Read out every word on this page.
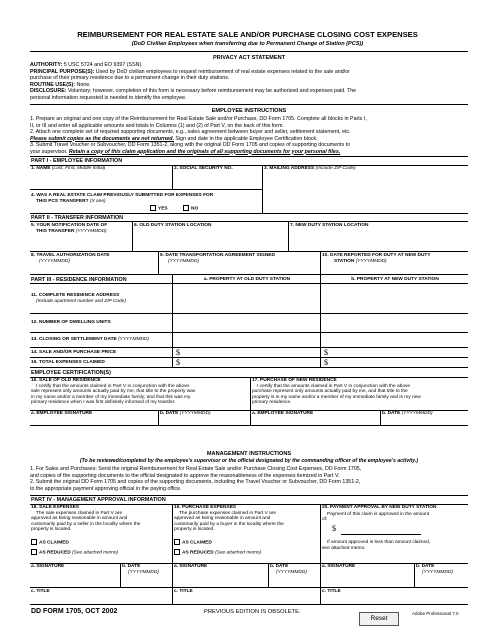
REIMBURSEMENT FOR REAL ESTATE SALE AND/OR PURCHASE CLOSING COST EXPENSES
(DoD Civilian Employees when transferring due to Permanent Change of Station (PCS))
PRIVACY ACT STATEMENT
AUTHORITY: 5 USC 5724 and EO 9397 (SSN).
PRINCIPAL PURPOSE(S): Used by DoD civilian employees to request reimbursement of real estate expenses related to the sale and/or
purchase of their primary residence due to a permanent change in their duty stations.
ROUTINE USE(S): None.
DISCLOSURE: Voluntary; however, completion of this form is necessary before reimbursement may be authorized and expenses paid. The
personal information requested is needed to identify the employee.
EMPLOYEE INSTRUCTIONS
1. Prepare an original and one copy of the Reimbursement for Real Estate Sale and/or Purchase, DD Form 1705. Complete all blocks in Parts I,
II, or III and enter all applicable amounts and totals in Columns (1) and (2) of Part V, on the back of this form.
2. Attach one complete set of required supporting documents, e.g., sales agreement between buyer and seller, settlement statement, etc.
Please submit copies as the documents are not returned. Sign and date in the applicable Employee Certification block.
3. Submit Travel Voucher or Subvoucher, DD Form 1351-2, along with the original DD Form 1705 and copies of supporting documents to
your supervisor. Retain a copy of this claim application and the originals of all supporting documents for your personal files.
PART I - EMPLOYEE INFORMATION
1. NAME (Last, First, Middle Initial)	2. SOCIAL SECURITY NO.	3. MAILING ADDRESS (Include ZIP Code)
4. WAS A REAL ESTATE CLAIM PREVIOUSLY SUBMITTED FOR EXPENSES FOR
THIS PCS TRANSFER? (X one)
YES	NO
PART II - TRANSFER INFORMATION
5. YOUR NOTIFICATION DATE OF
THIS TRANSFER (YYYYMMDD)
6. OLD DUTY STATION LOCATION	7. NEW DUTY STATION LOCATION
8. TRAVEL AUTHORIZATION DATE
(YYYYMMDD)
9. DATE TRANSPORTATION AGREEMENT SIGNED
(YYYYMMDD)
10. DATE REPORTED FOR DUTY AT NEW DUTY
STATION (YYYYMMDD)
PART III - RESIDENCE INFORMATION	a. PROPERTY AT OLD DUTY STATION	b. PROPERTY AT NEW DUTY STATION
11. COMPLETE RESIDENCE ADDRESS
(Include apartment number and ZIP Code)
12. NUMBER OF DWELLING UNITS
13. CLOSING OR SETTLEMENT DATE (YYYYMMDD)
14. SALE AND/OR PURCHASE PRICE	$	$
15. TOTAL EXPENSES CLAIMED	$	$
EMPLOYEE CERTIFICATION(S)
16. SALE OF OLD RESIDENCE
I certify that the amounts claimed in Part V in conjunction with the above
sale represent only amounts actually paid by me, that title to the property was
in my name and/or a member of my immediate family; and that this was my
primary residence when I was first definitely informed of my transfer.
17. PURCHASE OF NEW RESIDENCE
I certify that the amounts claimed in Part V in conjunction with the above
purchase represent only amounts actually paid by me, and that title to the
property is in my name and/or a member of my immediate family and is my new
primary residence.
a. EMPLOYEE SIGNATURE	b. DATE (YYYYMMDD)	a. EMPLOYEE SIGNATURE	b. DATE (YYYYMMDD)
MANAGEMENT INSTRUCTIONS
(To be reviewed/completed by the employee's supervisor or the official designated by the commanding officer of the employee's activity.)
1. For Sales and Purchases: Send the original Reimbursement for Real Estate Sale and/or Purchase Closing Cost Expenses, DD Form 1705,
and copies of the supporting documents to the official designated to approve the reasonableness of the expenses itemized in Part V.
2. Submit the original DD Form 1705 and copies of the supporting documents, including the Travel Voucher or Subvoucher, DD Form 1351-2,
to the appropriate payment approving official in the paying office.
PART IV - MANAGEMENT APPROVAL INFORMATION
18. SALE EXPENSES
The sale expenses claimed in Part V are
approved as being reasonable in amount and
customarily paid by a seller in the locality where the
property is located.
AS CLAIMED
AS REDUCED (See attached memo)
19. PURCHASE EXPENSES
The purchase expenses claimed in Part V are
approved as being reasonable in amount and
customarily paid by a buyer in the locality where the
property is located.
AS CLAIMED
AS REDUCED (See attached memo)
20. PAYMENT APPROVAL BY NEW DUTY STATION
Payment of this claim is approved in the amount
of:
$
If amount approved is less than amount claimed,
see attached memo.
a. SIGNATURE	b. DATE
(YYYYMMDD)
a. SIGNATURE	b. DATE
(YYYYMMDD)
a. SIGNATURE	b. DATE
(YYYYMMDD)
c. TITLE	c. TITLE	c. TITLE
DD FORM 1705, OCT 2002	PREVIOUS EDITION IS OBSOLETE.
Reset
Adobe Professional 7.0
